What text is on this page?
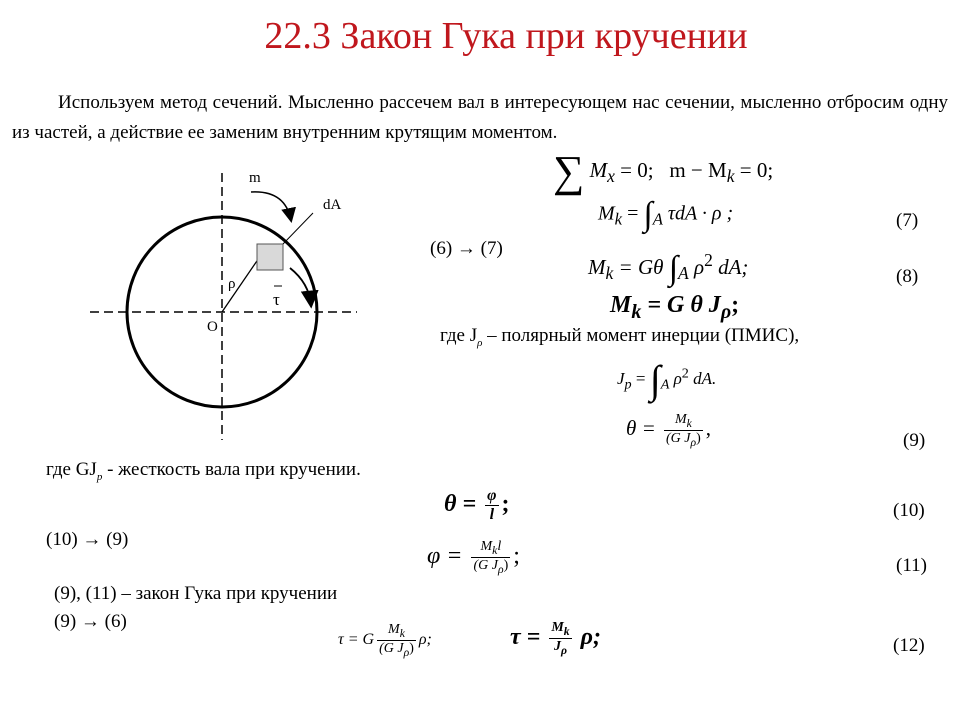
22.3 Закон Гука при кручении
Используем метод сечений. Мысленно рассечем вал в интересующем нас сечении, мысленно отбросим одну из частей, а действие ее заменим внутренним крутящим моментом.
m
dA
ρ
τ
O
∑ $M_x = 0$; $m - M_k = 0$;
$M_k = \int_A$ τdA · ρ ;	(7)
(6) → (7)
$M_k = G\theta$ $\int_A$ $\rho^2$ dA;	(8)
$M_k = G$ θ $J_\rho$;
где $J_\rho$ – полярный момент инерции (ПМИС),
$J_p = \int_A$ $\rho^2$ dA.
$\theta = \frac{M_k}{(G J_\rho)}$ ,
(9)
где $GJ_p$ - жесткость вала при кручении.
$\theta = \frac{\varphi}{l}$ ;	(10)
(10) → (9)
$\varphi = \frac{M_kl}{(G J_\rho)}$ ;	(11)
(9), (11) – закон Гука при кручении
(9) → (6)
τ = G $\frac{M_k}{(G J_\rho)} \rho$;	$\tau = \frac{M_k}{J_\rho} \rho$;	(12)
